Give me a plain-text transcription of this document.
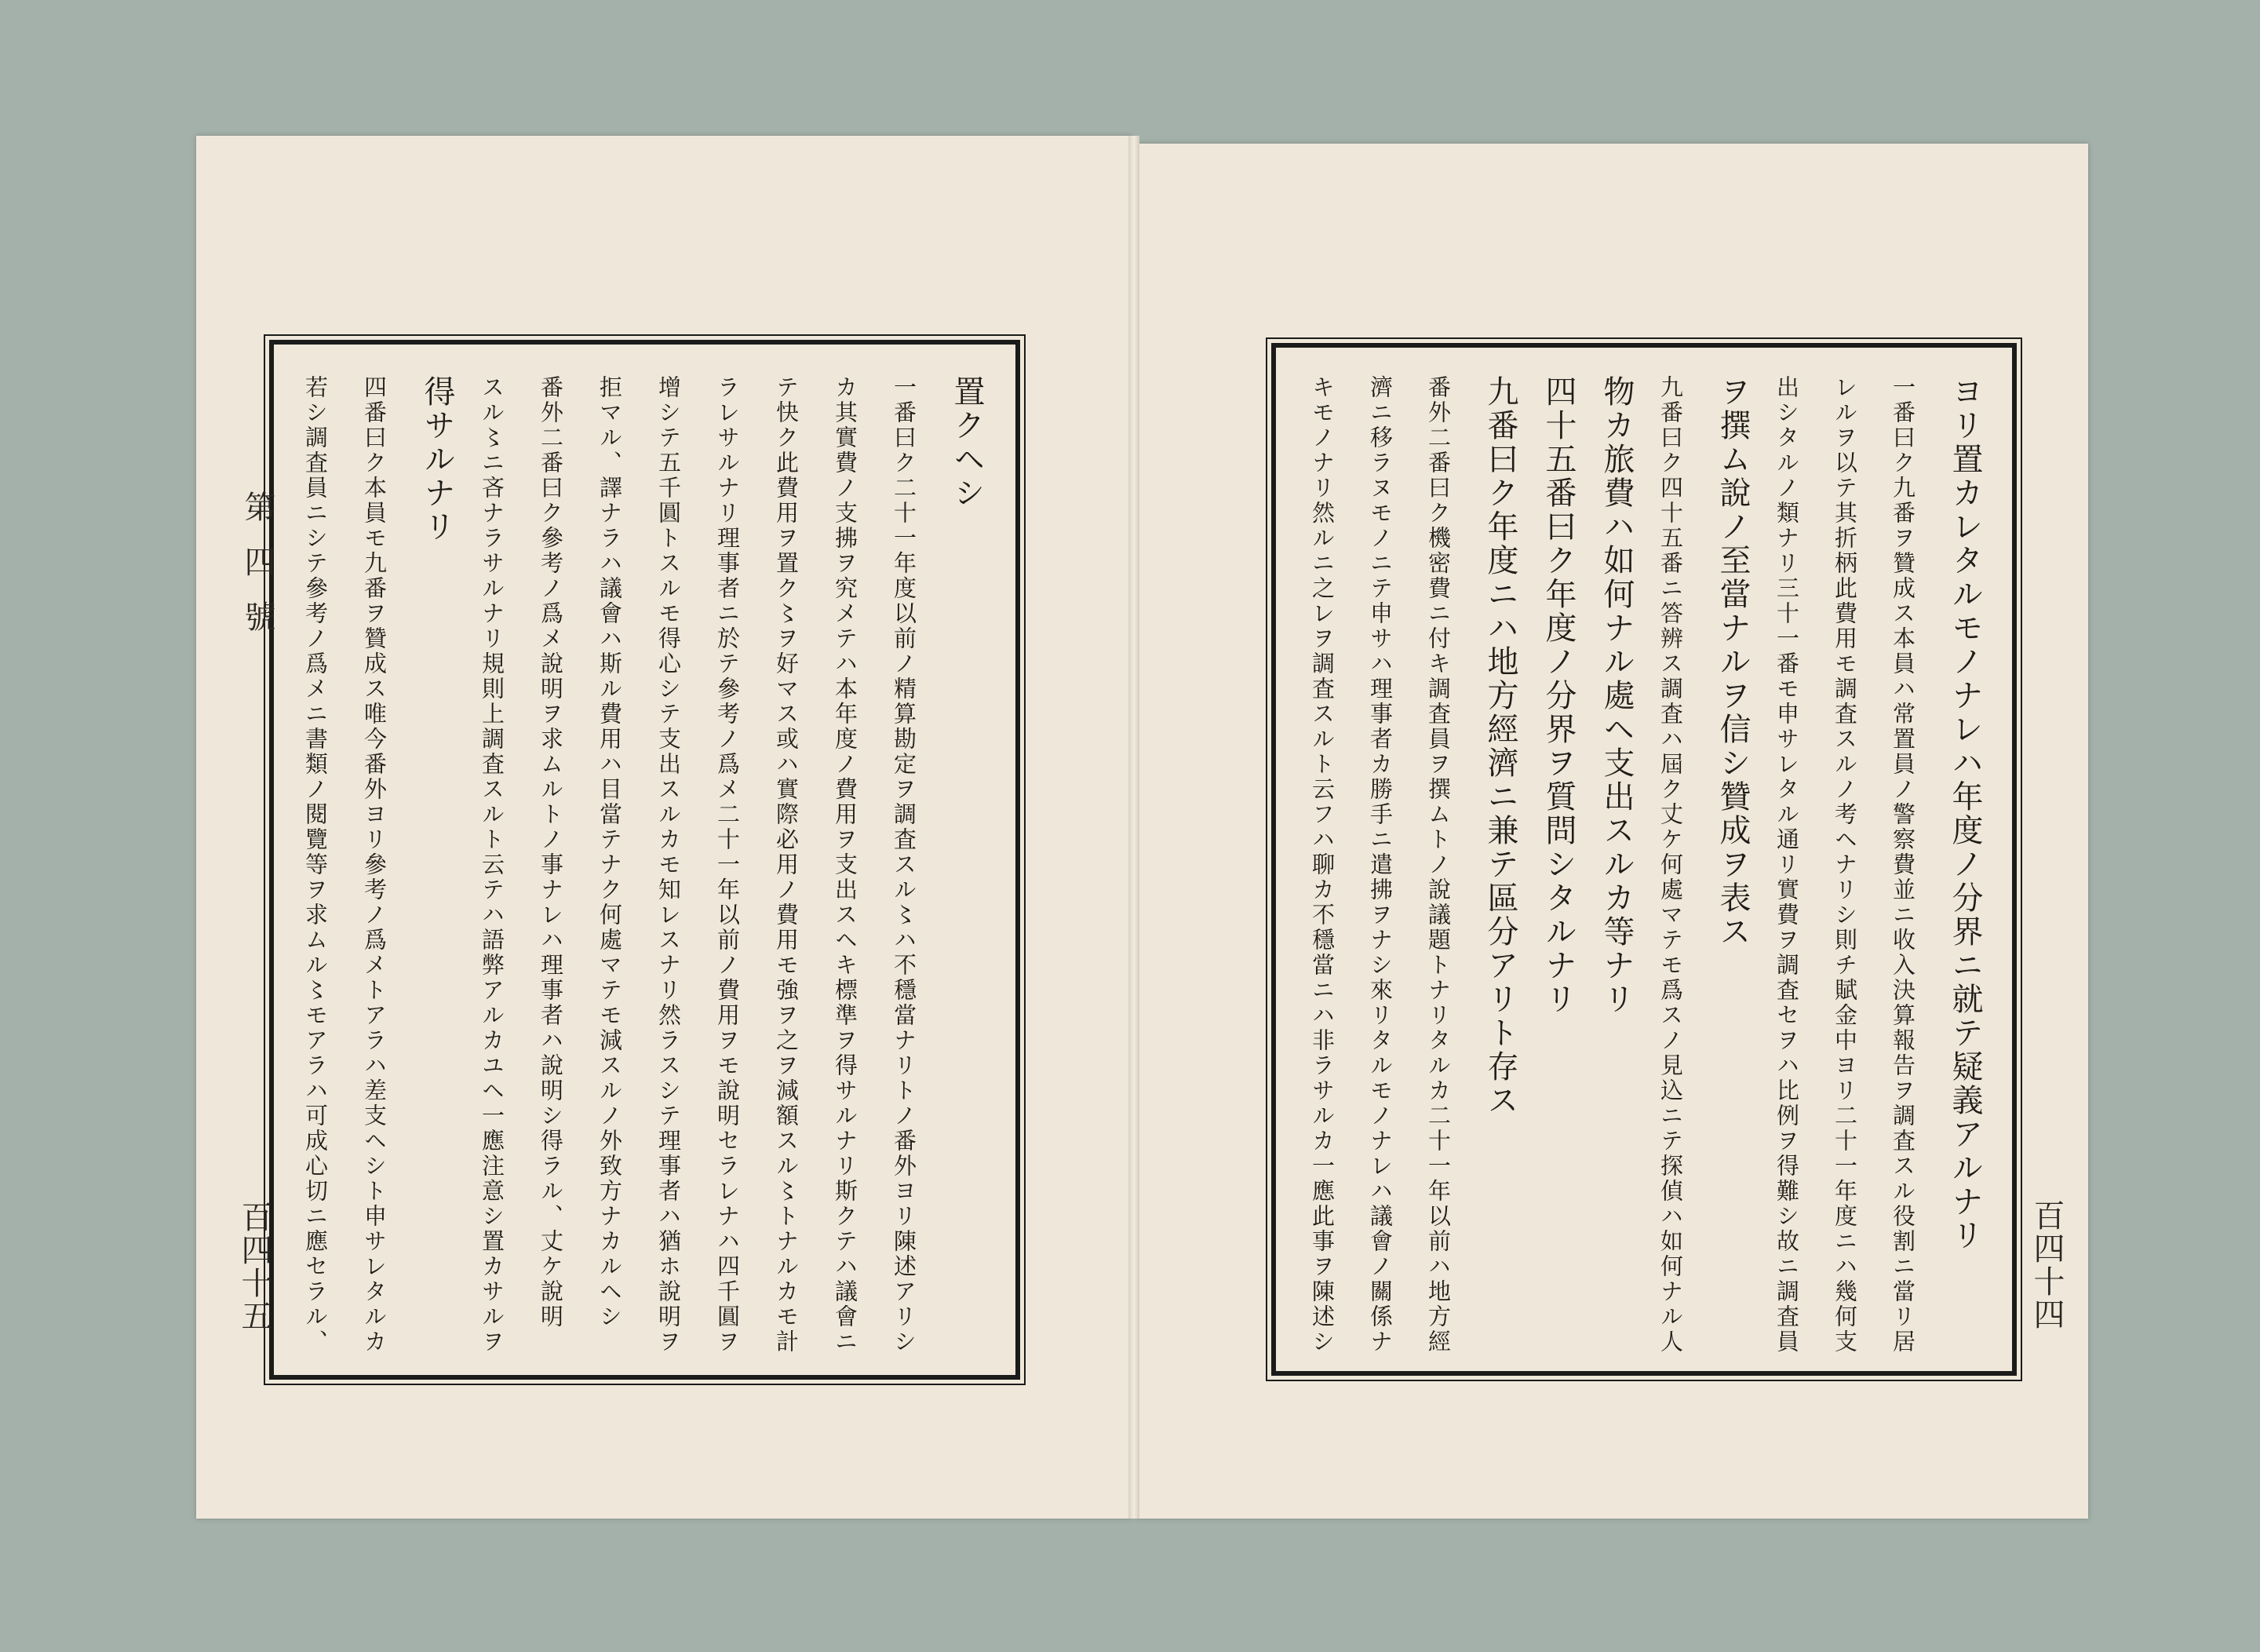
第四號
百四十五	百四十四
置クヘシ
一番曰ク二十一年度以前ノ精算勘定ヲ調査スル〻ハ不穩當ナリトノ番外ヨリ陳述アリシ
カ其實費ノ支拂ヲ究メテハ本年度ノ費用ヲ支出スヘキ標準ヲ得サルナリ斯クテハ議會ニ
テ快ク此費用ヲ置ク〻ヲ好マス或ハ實際必用ノ費用モ強ヲ之ヲ減額スル〻トナルカモ計
ラレサルナリ理事者ニ於テ參考ノ爲メ二十一年以前ノ費用ヲモ說明セラレナハ四千圓ヲ
增シテ五千圓トスルモ得心シテ支出スルカモ知レスナリ然ラスシテ理事者ハ猶ホ說明ヲ
拒マル、譯ナラハ議會ハ斯ル費用ハ目當テナク何處マテモ減スルノ外致方ナカルヘシ
番外二番曰ク參考ノ爲メ說明ヲ求ムルトノ事ナレハ理事者ハ說明シ得ラル、丈ケ說明
スル〻ニ吝ナラサルナリ規則上調査スルト云テハ語弊アルカユヘ一應注意シ置カサルヲ
得サルナリ
四番曰ク本員モ九番ヲ贊成ス唯今番外ヨリ參考ノ爲メトアラハ差支ヘシト申サレタルカ
若シ調査員ニシテ參考ノ爲メニ書類ノ閱覽等ヲ求ムル〻モアラハ可成心切ニ應セラル、	ヨリ置カレタルモノナレハ年度ノ分界ニ就テ疑義アルナリ
一番曰ク九番ヲ贊成ス本員ハ常置員ノ警察費並ニ收入決算報告ヲ調査スル役割ニ當リ居
レルヲ以テ其折柄此費用モ調査スルノ考ヘナリシ則チ賦金中ヨリ二十一年度ニハ幾何支
出シタルノ類ナリ三十一番モ申サレタル通リ實費ヲ調査セヲハ比例ヲ得難シ故ニ調査員
ヲ撰ム說ノ至當ナルヲ信シ贊成ヲ表ス
九番曰ク四十五番ニ答辨ス調査ハ屆ク丈ケ何處マテモ爲スノ見込ニテ探偵ハ如何ナル人
物カ旅費ハ如何ナル處ヘ支出スルカ等ナリ
四十五番曰ク年度ノ分界ヲ質問シタルナリ
九番曰ク年度ニハ地方經濟ニ兼テ區分アリト存ス
番外二番曰ク機密費ニ付キ調査員ヲ撰ムトノ說議題トナリタルカ二十一年以前ハ地方經
濟ニ移ラヌモノニテ申サハ理事者カ勝手ニ遣拂ヲナシ來リタルモノナレハ議會ノ關係ナ
キモノナリ然ルニ之レヲ調査スルト云フハ聊カ不穩當ニハ非ラサルカ一應此事ヲ陳述シ
